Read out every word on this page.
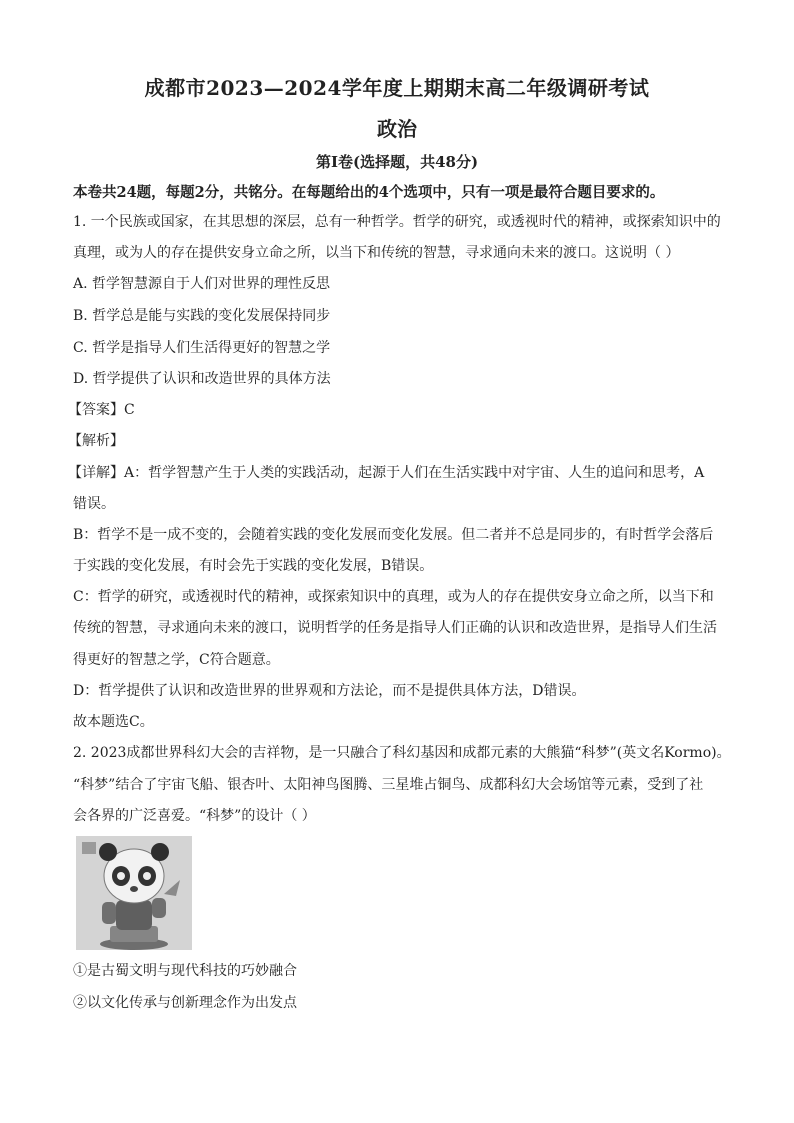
成都市2023—2024学年度上期期末高二年级调研考试
政治
第Ⅰ卷(选择题，共48分)
本卷共24题，每题2分，共铭分。在每题给出的4个选项中，只有一项是最符合题目要求的。
1. 一个民族或国家，在其思想的深层，总有一种哲学。哲学的研究，或透视时代的精神，或探索知识中的
真理，或为人的存在提供安身立命之所，以当下和传统的智慧，寻求通向未来的渡口。这说明（ ）
A. 哲学智慧源自于人们对世界的理性反思
B. 哲学总是能与实践的变化发展保持同步
C. 哲学是指导人们生活得更好的智慧之学
D. 哲学提供了认识和改造世界的具体方法
【答案】C
【解析】
【详解】A：哲学智慧产生于人类的实践活动，起源于人们在生活实践中对宇宙、人生的追问和思考，A
错误。
B：哲学不是一成不变的，会随着实践的变化发展而变化发展。但二者并不总是同步的，有时哲学会落后
于实践的变化发展，有时会先于实践的变化发展，B错误。
C：哲学的研究，或透视时代的精神，或探索知识中的真理，或为人的存在提供安身立命之所，以当下和
传统的智慧，寻求通向未来的渡口，说明哲学的任务是指导人们正确的认识和改造世界，是指导人们生活
得更好的智慧之学，C符合题意。
D：哲学提供了认识和改造世界的世界观和方法论，而不是提供具体方法，D错误。
故本题选C。
2. 2023成都世界科幻大会的吉祥物，是一只融合了科幻基因和成都元素的大熊猫“科梦”(英文名Kormo)。
“科梦”结合了宇宙飞船、银杏叶、太阳神鸟图腾、三星堆占铜鸟、成都科幻大会场馆等元素，受到了社
会各界的广泛喜爱。“科梦”的设计（ ）
①是古蜀文明与现代科技的巧妙融合
②以文化传承与创新理念作为出发点
